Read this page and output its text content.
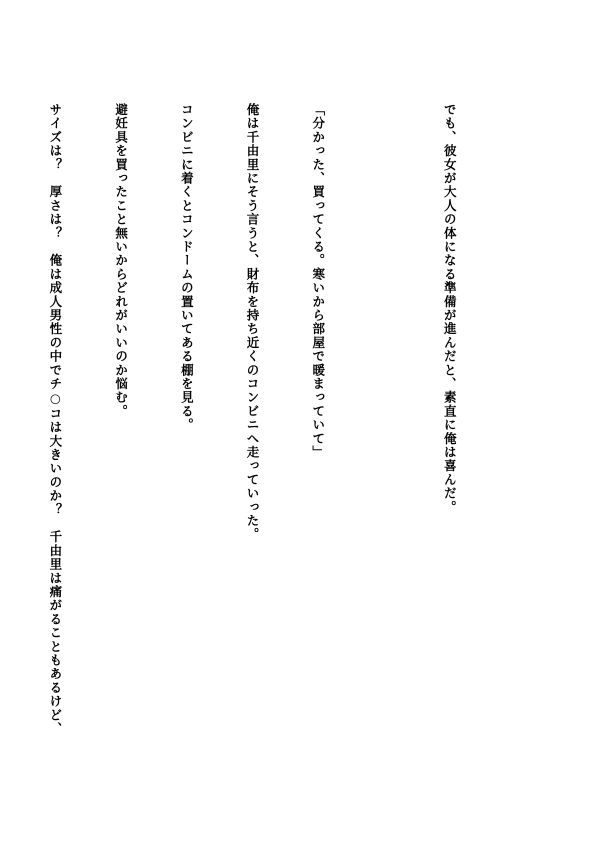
でも、彼女が大人の体になる準備が進んだと、素直に俺は喜んだ。

「分かった、買ってくる。寒いから部屋で暖まっていて」

俺は千由里にそう言うと、財布を持ち近くのコンビニへ走っていった。

コンビニに着くとコンドームの置いてある棚を見る。

避妊具を買ったこと無いからどれがいいのか悩む。

サイズは？　厚さは？　俺は成人男性の中でチ○コは大きいのか？　千由里は痛がることもあるけど、
